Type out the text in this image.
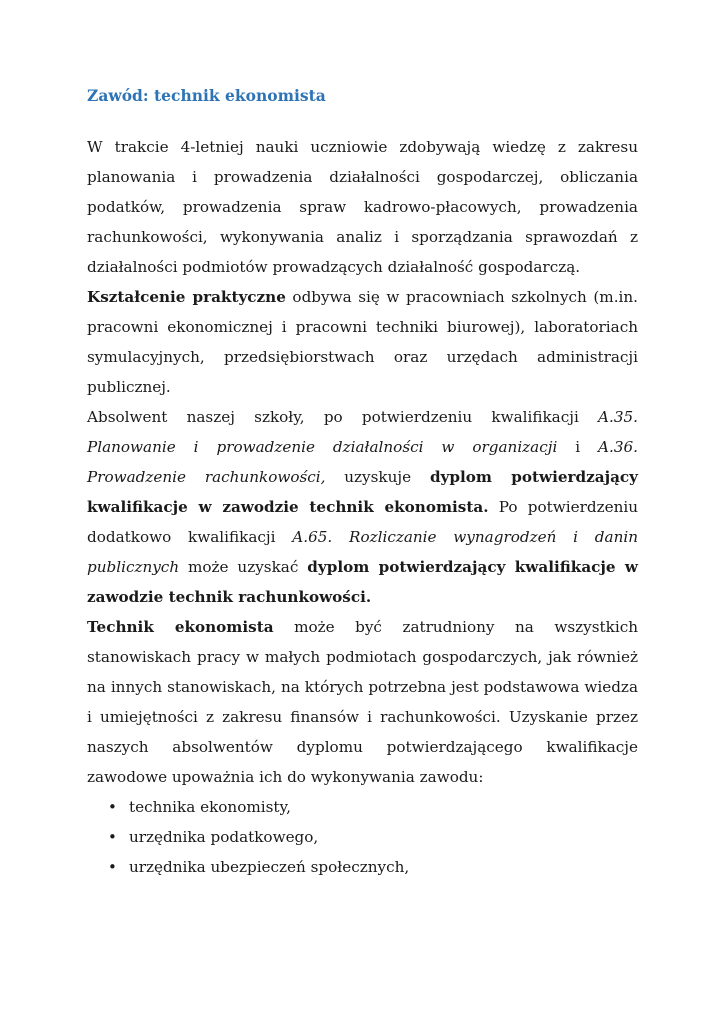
Zawód: technik ekonomista

W trakcie 4-letniej nauki uczniowie zdobywają wiedzę z zakresu planowania i prowadzenia działalności gospodarczej, obliczania podatków, prowadzenia spraw kadrowo-płacowych, prowadzenia rachunkowości, wykonywania analiz i sporządzania sprawozdań z działalności podmiotów prowadzących działalność gospodarczą.

Kształcenie praktyczne odbywa się w pracowniach szkolnych (m.in. pracowni ekonomicznej i pracowni techniki biurowej), laboratoriach symulacyjnych, przedsiębiorstwach oraz urzędach administracji publicznej.

Absolwent naszej szkoły, po potwierdzeniu kwalifikacji A.35. Planowanie i prowadzenie działalności w organizacji i A.36. Prowadzenie rachunkowości, uzyskuje dyplom potwierdzający kwalifikacje w zawodzie technik ekonomista. Po potwierdzeniu dodatkowo kwalifikacji A.65. Rozliczanie wynagrodzeń i danin publicznych może uzyskać dyplom potwierdzający kwalifikacje w zawodzie technik rachunkowości.

Technik ekonomista może być zatrudniony na wszystkich stanowiskach pracy w małych podmiotach gospodarczych, jak również na innych stanowiskach, na których potrzebna jest podstawowa wiedza i umiejętności z zakresu finansów i rachunkowości. Uzyskanie przez naszych absolwentów dyplomu potwierdzającego kwalifikacje zawodowe upoważnia ich do wykonywania zawodu:

• technika ekonomisty,
• urzędnika podatkowego,
• urzędnika ubezpieczeń społecznych,
